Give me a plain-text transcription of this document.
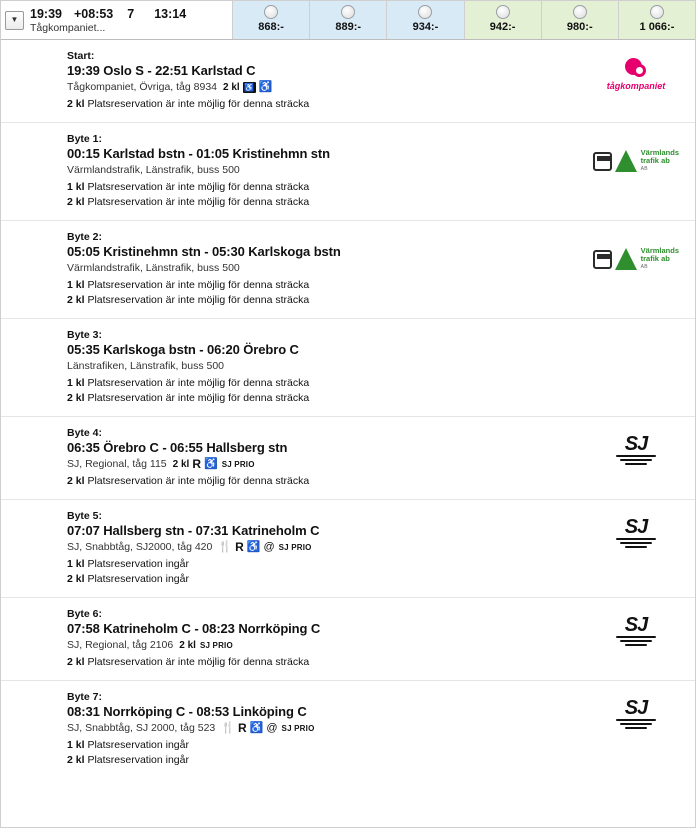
▼ 19:39 +08:53 7 13:14
Tågkompaniet...	868:-	889:-	934:-	942:-	980:-	1 066:-
Start:
19:39 Oslo S - 22:51 Karlstad C
Tågkompaniet, Övriga, tåg 8934 2 kl ♿ ♿
2 kl Platsreservation är inte möjlig för denna sträcka
tågkompaniet
Byte 1:
00:15 Karlstad bstn - 01:05 Kristinehmn stn
Värmlandstrafik, Länstrafik, buss 500
1 kl Platsreservation är inte möjlig för denna sträcka
2 kl Platsreservation är inte möjlig för denna sträcka
Värmlands
trafik ab
AB
Byte 2:
05:05 Kristinehmn stn - 05:30 Karlskoga bstn
Värmlandstrafik, Länstrafik, buss 500
1 kl Platsreservation är inte möjlig för denna sträcka
2 kl Platsreservation är inte möjlig för denna sträcka
Värmlands
trafik ab
AB
Byte 3:
05:35 Karlskoga bstn - 06:20 Örebro C
Länstrafiken, Länstrafik, buss 500
1 kl Platsreservation är inte möjlig för denna sträcka
2 kl Platsreservation är inte möjlig för denna sträcka
Byte 4:
06:35 Örebro C - 06:55 Hallsberg stn
SJ, Regional, tåg 115 2 kl R ♿ SJ PRIO
2 kl Platsreservation är inte möjlig för denna sträcka
SJ
Byte 5:
07:07 Hallsberg stn - 07:31 Katrineholm C
SJ, Snabbtåg, SJ2000, tåg 420 🍴 R ♿ @ SJ PRIO
1 kl Platsreservation ingår
2 kl Platsreservation ingår
SJ
Byte 6:
07:58 Katrineholm C - 08:23 Norrköping C
SJ, Regional, tåg 2106 2 kl SJ PRIO
2 kl Platsreservation är inte möjlig för denna sträcka
SJ
Byte 7:
08:31 Norrköping C - 08:53 Linköping C
SJ, Snabbtåg, SJ 2000, tåg 523 🍴 R ♿ @ SJ PRIO
1 kl Platsreservation ingår
2 kl Platsreservation ingår
SJ
